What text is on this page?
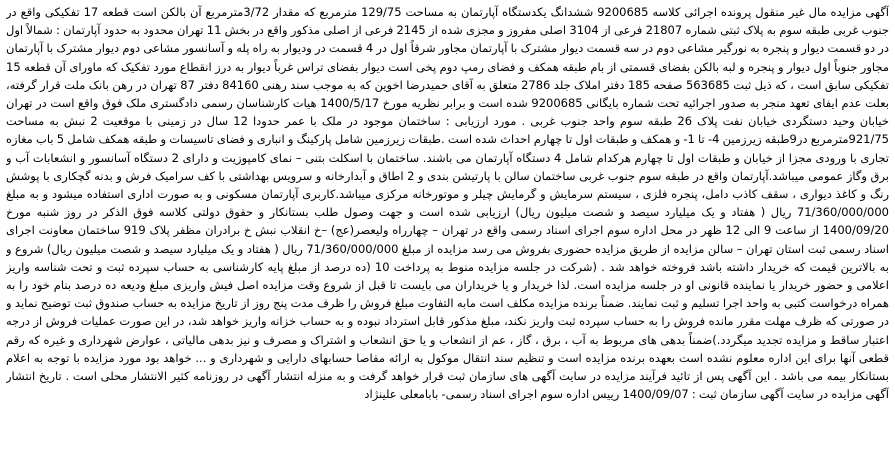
آگهی مزایده مال غیر منقول پرونده اجرائی کلاسه 9200685 ششدانگ یکدستگاه آپارتمان به مساحت 129/75 مترمربع که مقدار 3/72مترمربع آن بالکن است قطعه 17 تفکیکی واقع در جنوب غربی طبقه سوم به پلاک ثبتی شماره 21807 فرعی از 3104 اصلی مفروز و مجزی شده از 2145 فرعی از اصلی مذکور واقع در بخش 11 تهران محدود به حدود آپارتمان : شمالاً اول در دو قسمت دیوار و پنجره به نورگیر مشاعی دوم در سه قسمت دیوار مشترک با آپارتمان مجاور شرقاً اول در 4 قسمت در ودیوار به راه پله و آسانسور مشاعی دوم دیوار مشترک با آپارتمان مجاور جنوباً اول دیوار و پنجره و لبه بالکن بفضای قسمتی از بام طبقه همکف و فضای رمپ دوم پخی است دیوار بفضای تراس غرباً دیوار به درز انقطاع مورد تفکیک که ماورای آن قطعه 15 تفکیکی سابق است ، که ذیل ثبت 563685 صفحه 185 دفتر املاک جلد 2786 متعلق به آقای حمیدرضا اخوین که به موجب سند رهنی 84160 دفتر 87 تهران در رهن بانک ملت قرار گرفته، بعلت عدم ایفای تعهد منجر به صدور اجرائیه تحت شماره بایگانی 9200685 شده است و برابر نظریه مورخ 1400/5/17 هیات کارشناسان رسمی دادگستری ملک فوق واقع است در تهران خیابان وحید دستگردی خیابان نفت پلاک 26 طبقه سوم واحد جنوب غربی . مورد ارزیابی : ساختمان موجود در ملک با عمر حدودا 12 سال در زمینی با موقعیت 2 نبش به مساحت 921/75مترمربع در9طبقه زیرزمین 4- تا 1- و همکف و طبقات اول تا چهارم احداث شده است .طبقات زیرزمین شامل پارکینگ و انباری و فضای تاسیسات و طبقه همکف شامل 5 باب مغازه تجاری با ورودی مجزا از خیابان و طبقات اول تا چهارم هرکدام شامل 4 دستگاه آپارتمان می باشند. ساختمان با اسکلت بتنی – نمای کامپوزیت و دارای 2 دستگاه آسانسور و انشعابات آب و برق وگاز عمومی میباشد.آپارتمان واقع در طبقه سوم جنوب غربی ساختمان سالن با پارتیشن بندی و 2 اطاق و آبدارخانه و سرویس بهداشتی با کف سرامیک فرش و بدنه گچکاری با پوشش رنگ و کاغذ دیواری ، سقف کاذب دامل، پنجره فلزی ، سیستم سرمایش و گرمایش چیلر و موتورخانه مرکزی میباشد.کاربری آپارتمان مسکونی و به صورت اداری استفاده میشود و به مبلغ 71/360/000/000 ریال ( هفتاد و یک میلیارد سیصد و شصت میلیون ریال) ارزیابی شده است و جهت وصول طلب بستانکار و حقوق دولتی کلاسه فوق الذکر در روز شنبه مورخ 1400/09/20 از ساعت 9 الی 12 ظهر در محل اداره سوم اجرای اسناد رسمی واقع در تهران – چهارراه ولیعصر(عج) –خ انقلاب نبش خ برادران مظفر پلاک 919 ساختمان معاونت اجرای اسناد رسمی ثبت استان تهران – سالن مزایده از طریق مزایده حضوری بفروش می رسد مزایده از مبلغ 71/360/000/000 ریال ( هفتاد و یک میلیارد سیصد و شصت میلیون ریال) شروع و به بالاترین قیمت که خریدار داشته باشد فروخته خواهد شد . (شرکت در جلسه مزایده منوط به پرداخت 10 (ده درصد از مبلغ پایه کارشناسی به حساب سپرده ثبت و تحت شناسه واریز اعلامی و حضور خریدار یا نماینده قانونی او در جلسه مزایده است. لذا خریدار و یا خریداران می بایست تا قبل از شروع وقت مزایده اصل فیش واریزی مبلغ ودیعه ده درصد بنام خود را به همراه درخواست کتبی به واحد اجرا تسلیم و ثبت نمایند. ضمناً برنده مزایده مکلف است مابه التفاوت مبلغ فروش را ظرف مدت پنج روز از تاریخ مزایده به حساب صندوق ثبت توضیح نماید و در صورتی که ظرف مهلت مقرر مانده فروش را به حساب سپرده ثبت واریز نکند، مبلغ مذکور قابل استرداد نبوده و به حساب خزانه واریز خواهد شد، در این صورت عملیات فروش از درجه اعتبار ساقط و مزایده تجدید میگردد.)ضمناً بدهی های مربوط به آب ، برق ، گاز ، عم از انشعاب و یا حق انشعاب و اشتراک و مصرف و نیز بدهی مالیاتی ، عوارض شهرداری و غیره که رقم قطعی آنها برای این اداره معلوم نشده است بعهده برنده مزایده است و تنظیم سند انتقال موکول به ارائه مفاصا حسابهای دارایی و شهرداری و ... خواهد بود مورد مزایده با توجه به اعلام بستانکار بیمه می باشد . این آگهی پس از تائید فرآیند مزایده در سایت آگهی های سازمان ثبت قرار خواهد گرفت و به منزله انتشار آگهی در روزنامه کثیر الانتشار محلی است . تاریخ انتشار آگهی مزایده در سایت آگهی سازمان ثبت : 1400/09/07 رییس اداره سوم اجرای اسناد رسمی- بابامعلی علینژاد
